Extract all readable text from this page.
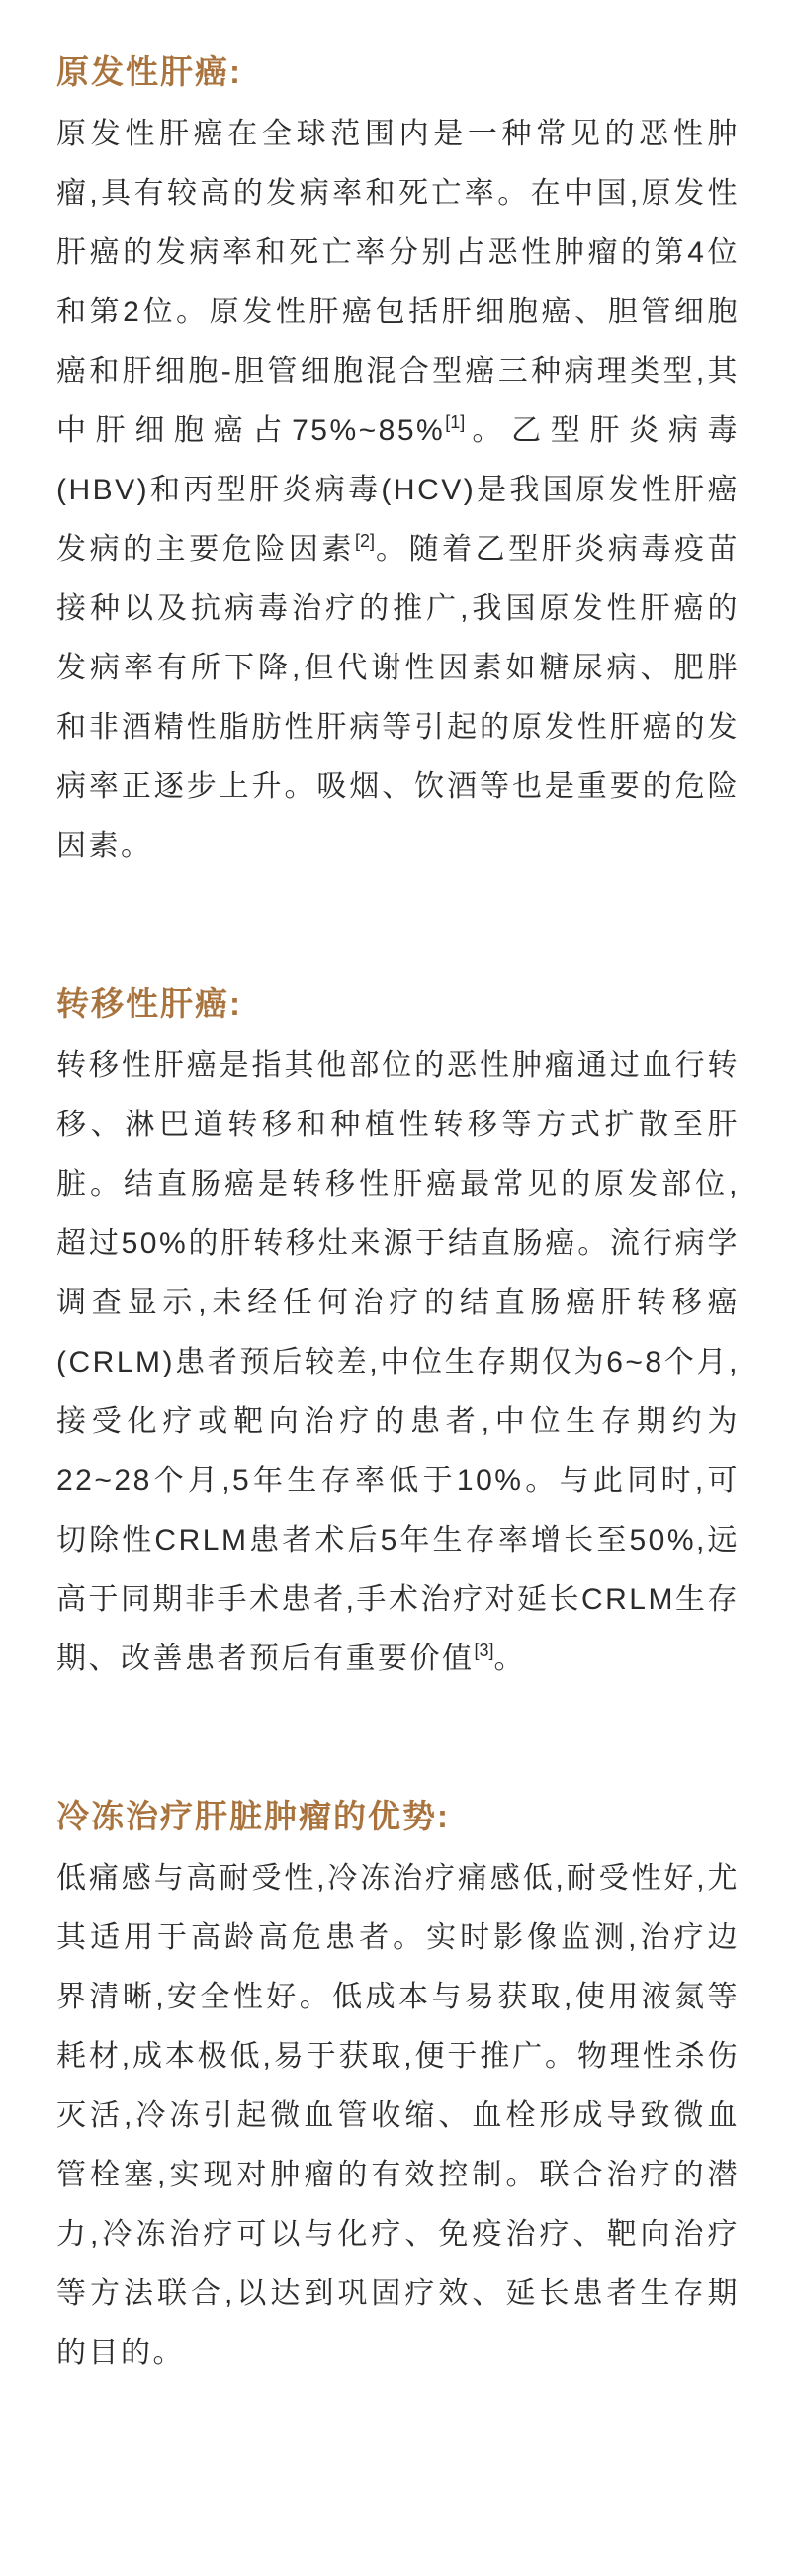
原发性肝癌:

原发性肝癌在全球范围内是一种常见的恶性肿瘤,具有较高的发病率和死亡率。在中国,原发性肝癌的发病率和死亡率分别占恶性肿瘤的第4位和第2位。原发性肝癌包括肝细胞癌、胆管细胞癌和肝细胞-胆管细胞混合型癌三种病理类型,其中肝细胞癌占75%~85%[1]。乙型肝炎病毒(HBV)和丙型肝炎病毒(HCV)是我国原发性肝癌发病的主要危险因素[2]。随着乙型肝炎病毒疫苗接种以及抗病毒治疗的推广,我国原发性肝癌的发病率有所下降,但代谢性因素如糖尿病、肥胖和非酒精性脂肪性肝病等引起的原发性肝癌的发病率正逐步上升。吸烟、饮酒等也是重要的危险因素。

转移性肝癌:

转移性肝癌是指其他部位的恶性肿瘤通过血行转移、淋巴道转移和种植性转移等方式扩散至肝脏。结直肠癌是转移性肝癌最常见的原发部位,超过50%的肝转移灶来源于结直肠癌。流行病学调查显示,未经任何治疗的结直肠癌肝转移癌(CRLM)患者预后较差,中位生存期仅为6~8个月,接受化疗或靶向治疗的患者,中位生存期约为22~28个月,5年生存率低于10%。与此同时,可切除性CRLM患者术后5年生存率增长至50%,远高于同期非手术患者,手术治疗对延长CRLM生存期、改善患者预后有重要价值[3]。

冷冻治疗肝脏肿瘤的优势:

低痛感与高耐受性,冷冻治疗痛感低,耐受性好,尤其适用于高龄高危患者。实时影像监测,治疗边界清晰,安全性好。低成本与易获取,使用液氮等耗材,成本极低,易于获取,便于推广。物理性杀伤灭活,冷冻引起微血管收缩、血栓形成导致微血管栓塞,实现对肿瘤的有效控制。联合治疗的潜力,冷冻治疗可以与化疗、免疫治疗、靶向治疗等方法联合,以达到巩固疗效、延长患者生存期的目的。
